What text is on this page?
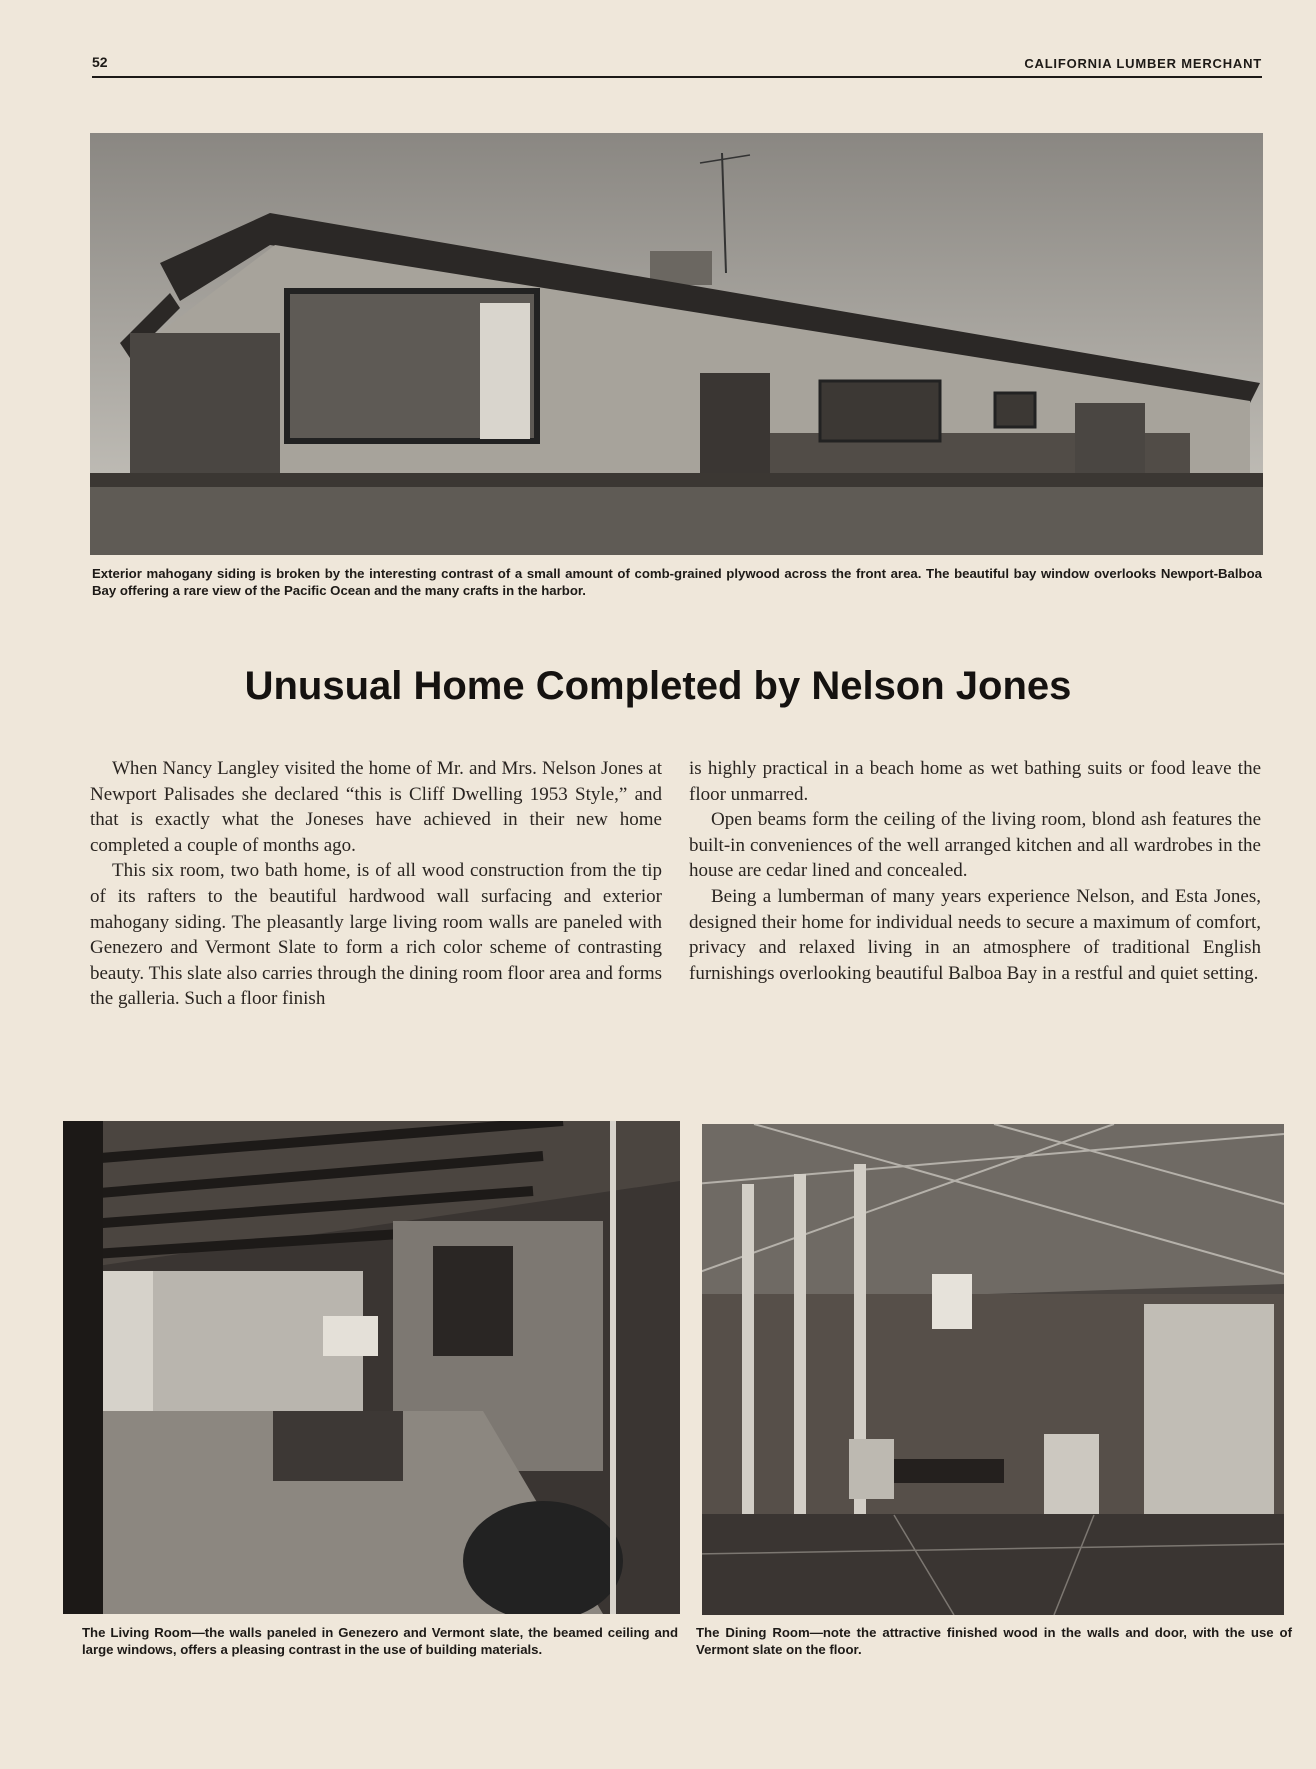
52	CALIFORNIA LUMBER MERCHANT
Exterior mahogany siding is broken by the interesting contrast of a small amount of comb-grained plywood across the front area. The beautiful bay window overlooks Newport-Balboa Bay offering a rare view of the Pacific Ocean and the many crafts in the harbor.
Unusual Home Completed by Nelson Jones

When Nancy Langley visited the home of Mr. and Mrs. Nelson Jones at Newport Palisades she declared “this is Cliff Dwelling 1953 Style,” and that is exactly what the Joneses have achieved in their new home completed a couple of months ago.

This six room, two bath home, is of all wood construction from the tip of its rafters to the beautiful hardwood wall surfacing and exterior mahogany siding. The pleasantly large living room walls are paneled with Genezero and Vermont Slate to form a rich color scheme of contrasting beauty. This slate also carries through the dining room floor area and forms the galleria. Such a floor finish

is highly practical in a beach home as wet bathing suits or food leave the floor unmarred.

Open beams form the ceiling of the living room, blond ash features the built-in conveniences of the well arranged kitchen and all wardrobes in the house are cedar lined and concealed.

Being a lumberman of many years experience Nelson, and Esta Jones, designed their home for individual needs to secure a maximum of comfort, privacy and relaxed living in an atmosphere of traditional English furnishings overlooking beautiful Balboa Bay in a restful and quiet setting.

The Living Room—the walls paneled in Genezero and Vermont slate, the beamed ceiling and large windows, offers a pleasing contrast in the use of building materials.
The Dining Room—note the attractive finished wood in the walls and door, with the use of Vermont slate on the floor.
